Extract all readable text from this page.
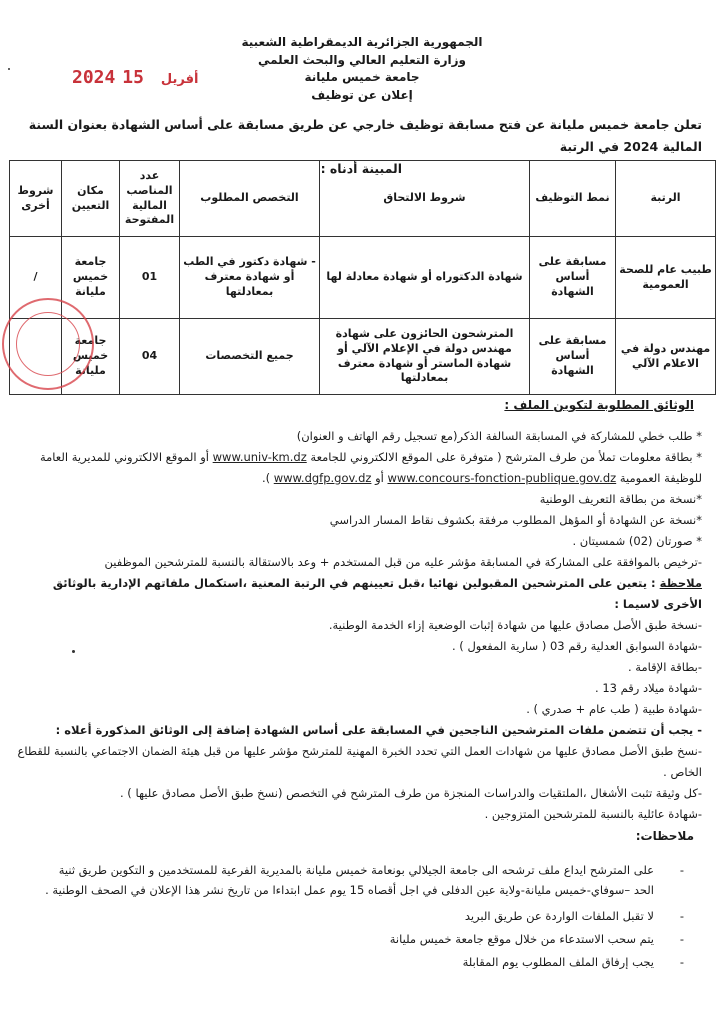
الجمهورية الجزائرية الديمقراطية الشعبية
وزارة التعليم العالي والبحث العلمي
جامعة خميس مليانة
إعلان عن توظيف
2024	أفريل 15
تعلن جامعة خميس مليانة عن فتح مسابقة توظيف خارجي عن طريق مسابقة على أساس الشهادة بعنوان السنة المالية 2024 في الرتبة
المبينة أدناه :
الرتبة	نمط التوظيف	شروط الالتحاق	التخصص المطلوب	عدد المناصب المالية المفتوحة	مكان التعيين	شروط أخرى
طبيب عام للصحة العمومية	مسابقة على أساس الشهادة	شهادة الدكتوراه أو شهادة معادلة لها	- شهادة دكتور في الطب أو شهادة معترف بمعادلتها	01	جامعة خميس مليانة	/
مهندس دولة في الاعلام الآلي	مسابقة على أساس الشهادة	المترشحون الحائزون على شهادة مهندس دولة في الإعلام الآلي أو شهادة الماستر أو شهادة معترف بمعادلتها	جميع التخصصات	04	جامعة خميس مليانة	
الوثائق المطلوبة لتكوين الملف :
* طلب خطي للمشاركة في المسابقة السالفة الذكر(مع تسجيل رقم الهاتف و العنوان)
* بطاقة معلومات تملأ من طرف المترشح ( متوفرة على الموقع الالكتروني للجامعة www.univ-km.dz أو الموقع الالكتروني للمديرية العامة للوظيفة العمومية www.concours-fonction-publique.gov.dz أو www.dgfp.gov.dz ).
*نسخة من بطاقة التعريف الوطنية
*نسخة عن الشهادة أو المؤهل المطلوب مرفقة بكشوف نقاط المسار الدراسي
* صورتان (02) شمسيتان .
-ترخيص بالموافقة على المشاركة في المسابقة مؤشر عليه من قبل المستخدم + وعد بالاستقالة بالنسبة للمترشحين الموظفين
ملاحظة : يتعين على المترشحين المقبولين نهائيا ،قبل تعيينهم في الرتبة المعنية ،استكمال ملفاتهم الإدارية بالوثائق الأخرى لاسيما :
-نسخة طبق الأصل مصادق عليها من شهادة إثبات الوضعية إزاء الخدمة الوطنية.
-شهادة السوابق العدلية رقم 03 ( سارية المفعول ) .
-بطاقة الإقامة .
-شهادة ميلاد رقم 13 .
-شهادة طبية ( طب عام + صدري ) .
- يجب أن تتضمن ملفات المترشحين الناجحين في المسابقة على أساس الشهادة إضافة إلى الوثائق المذكورة أعلاه :
-نسخ طبق الأصل مصادق عليها من شهادات العمل التي تحدد الخبرة المهنية للمترشح مؤشر عليها من قبل هيئة الضمان الاجتماعي بالنسبة للقطاع الخاص .
-كل وثيقة تثبت الأشغال ،الملتقيات والدراسات المنجزة من طرف المترشح في التخصص (نسخ طبق الأصل مصادق عليها ) .
-شهادة عائلية بالنسبة للمترشحين المتزوجين .
ملاحظات:
- على المترشح ايداع ملف ترشحه الى جامعة الجيلالي بونعامة خميس مليانة بالمديرية الفرعية للمستخدمين و التكوين طريق ثنية الحد –سوفاي-خميس مليانة-ولاية عين الدفلى في اجل أقصاه 15 يوم عمل ابتداءا من تاريخ نشر هذا الإعلان في الصحف الوطنية .
- لا تقبل الملفات الواردة عن طريق البريد
- يتم سحب الاستدعاء من خلال موقع جامعة خميس مليانة
- يجب إرفاق الملف المطلوب يوم المقابلة
